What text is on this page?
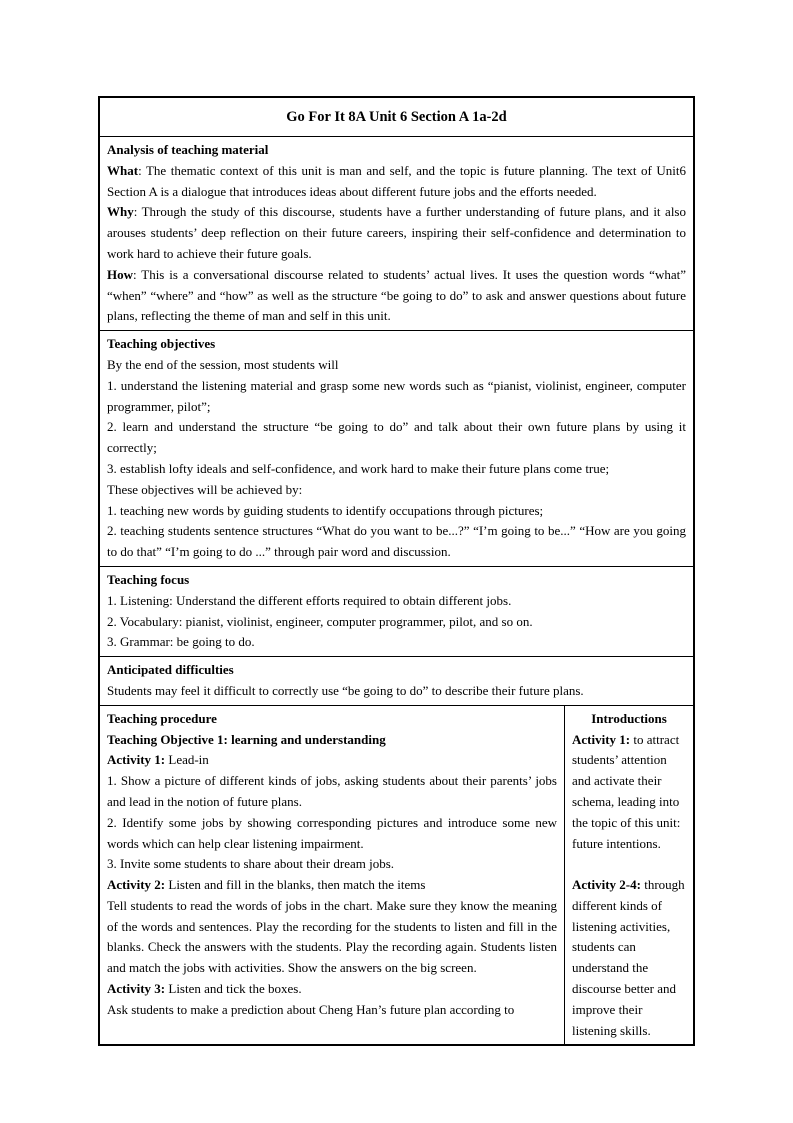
Go For It 8A Unit 6 Section A 1a-2d

Analysis of teaching material

What: The thematic context of this unit is man and self, and the topic is future planning. The text of Unit6 Section A is a dialogue that introduces ideas about different future jobs and the efforts needed.

Why: Through the study of this discourse, students have a further understanding of future plans, and it also arouses students’ deep reflection on their future careers, inspiring their self-confidence and determination to work hard to achieve their future goals.

How: This is a conversational discourse related to students’ actual lives. It uses the question words “what” “when” “where” and “how” as well as the structure “be going to do” to ask and answer questions about future plans, reflecting the theme of man and self in this unit.

Teaching objectives

By the end of the session, most students will

1. understand the listening material and grasp some new words such as “pianist, violinist, engineer, computer programmer, pilot”;

2. learn and understand the structure “be going to do” and talk about their own future plans by using it correctly;

3. establish lofty ideals and self-confidence, and work hard to make their future plans come true;

These objectives will be achieved by:

1. teaching new words by guiding students to identify occupations through pictures;

2. teaching students sentence structures “What do you want to be...?” “I’m going to be...” “How are you going to do that” “I’m going to do ...” through pair word and discussion.

Teaching focus

1. Listening: Understand the different efforts required to obtain different jobs.

2. Vocabulary: pianist, violinist, engineer, computer programmer, pilot, and so on.

3. Grammar: be going to do.

Anticipated difficulties

Students may feel it difficult to correctly use “be going to do” to describe their future plans.

Teaching procedure

Teaching Objective 1: learning and understanding

Activity 1: Lead-in

1. Show a picture of different kinds of jobs, asking students about their parents’ jobs and lead in the notion of future plans.

2. Identify some jobs by showing corresponding pictures and introduce some new words which can help clear listening impairment.

3. Invite some students to share about their dream jobs.

Activity 2: Listen and fill in the blanks, then match the items

Tell students to read the words of jobs in the chart. Make sure they know the meaning of the words and sentences. Play the recording for the students to listen and fill in the blanks. Check the answers with the students. Play the recording again. Students listen and match the jobs with activities. Show the answers on the big screen.

Activity 3: Listen and tick the boxes.

Ask students to make a prediction about Cheng Han’s future plan according to

Introductions

Activity 1: to attract students’ attention and activate their schema, leading into the topic of this unit: future intentions.

Activity 2-4: through different kinds of listening activities, students can understand the discourse better and improve their listening skills.
